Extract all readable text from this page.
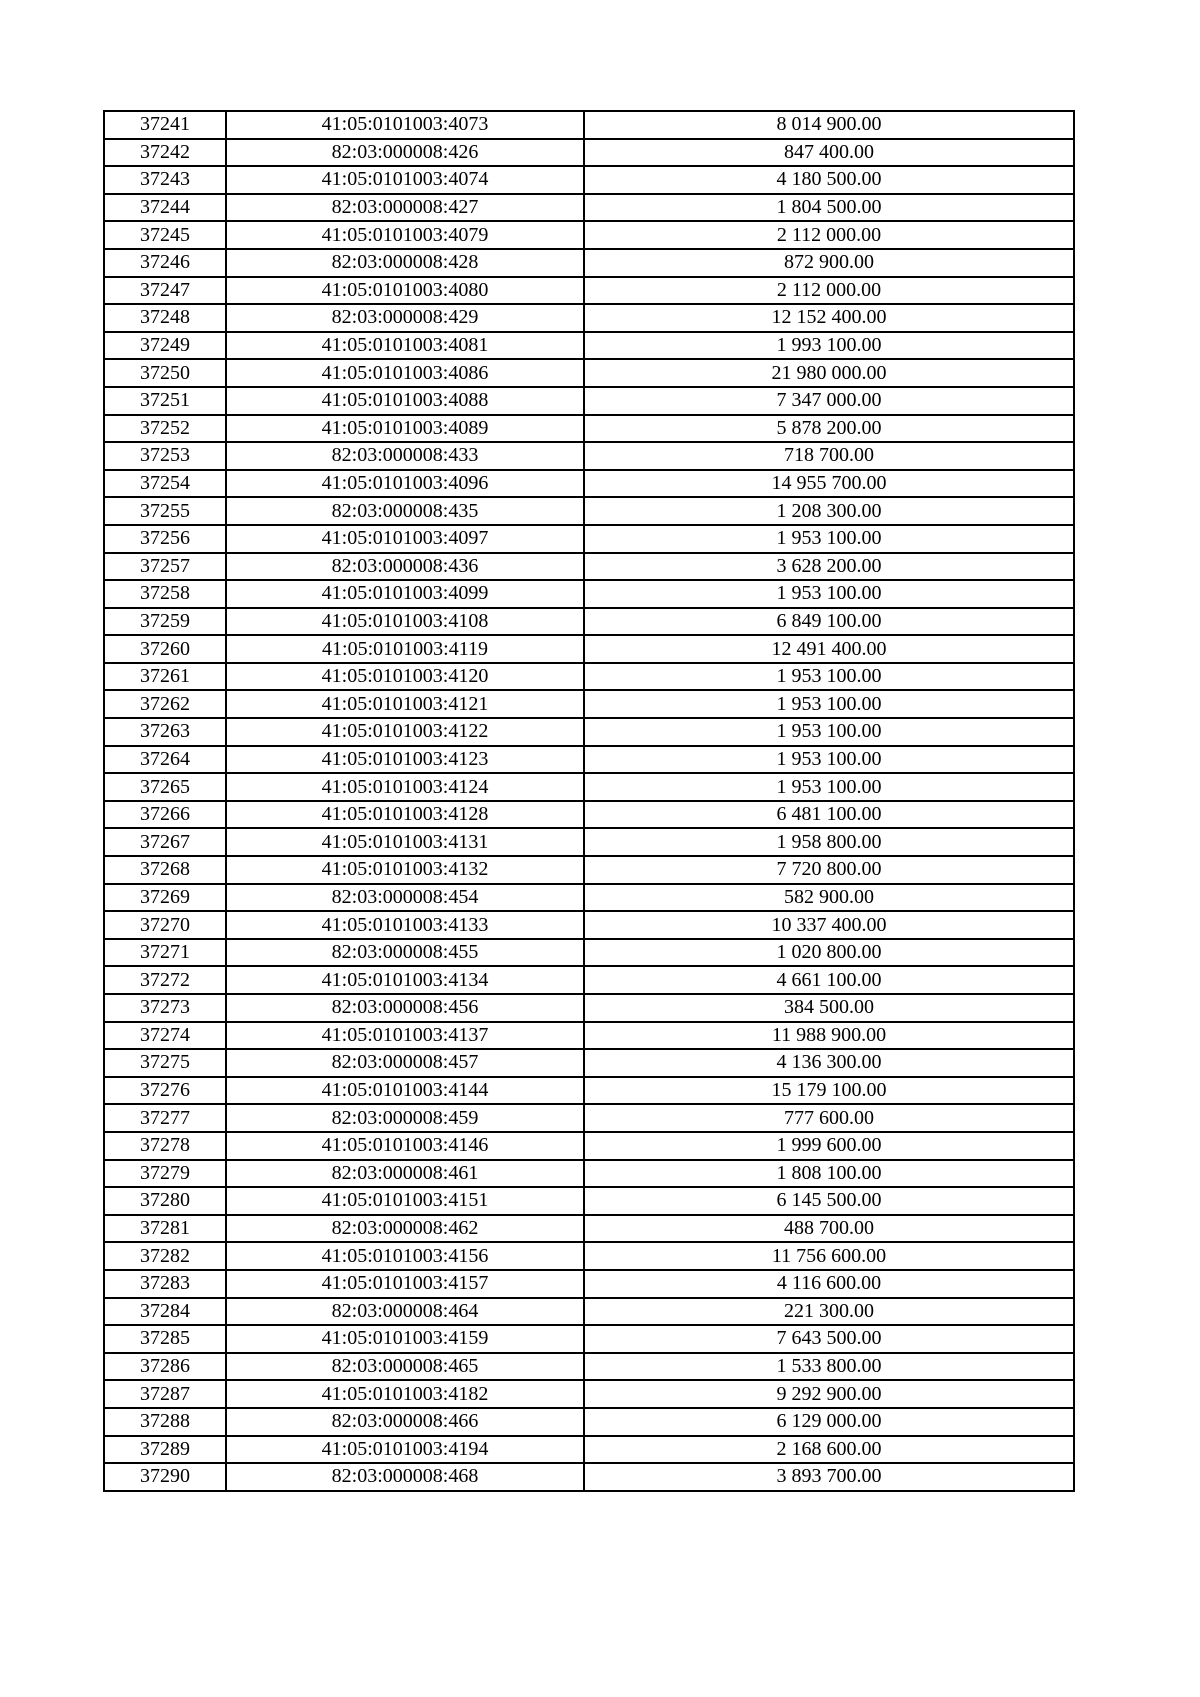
37241	41:05:0101003:4073	8 014 900.00
37242	82:03:000008:426	847 400.00
37243	41:05:0101003:4074	4 180 500.00
37244	82:03:000008:427	1 804 500.00
37245	41:05:0101003:4079	2 112 000.00
37246	82:03:000008:428	872 900.00
37247	41:05:0101003:4080	2 112 000.00
37248	82:03:000008:429	12 152 400.00
37249	41:05:0101003:4081	1 993 100.00
37250	41:05:0101003:4086	21 980 000.00
37251	41:05:0101003:4088	7 347 000.00
37252	41:05:0101003:4089	5 878 200.00
37253	82:03:000008:433	718 700.00
37254	41:05:0101003:4096	14 955 700.00
37255	82:03:000008:435	1 208 300.00
37256	41:05:0101003:4097	1 953 100.00
37257	82:03:000008:436	3 628 200.00
37258	41:05:0101003:4099	1 953 100.00
37259	41:05:0101003:4108	6 849 100.00
37260	41:05:0101003:4119	12 491 400.00
37261	41:05:0101003:4120	1 953 100.00
37262	41:05:0101003:4121	1 953 100.00
37263	41:05:0101003:4122	1 953 100.00
37264	41:05:0101003:4123	1 953 100.00
37265	41:05:0101003:4124	1 953 100.00
37266	41:05:0101003:4128	6 481 100.00
37267	41:05:0101003:4131	1 958 800.00
37268	41:05:0101003:4132	7 720 800.00
37269	82:03:000008:454	582 900.00
37270	41:05:0101003:4133	10 337 400.00
37271	82:03:000008:455	1 020 800.00
37272	41:05:0101003:4134	4 661 100.00
37273	82:03:000008:456	384 500.00
37274	41:05:0101003:4137	11 988 900.00
37275	82:03:000008:457	4 136 300.00
37276	41:05:0101003:4144	15 179 100.00
37277	82:03:000008:459	777 600.00
37278	41:05:0101003:4146	1 999 600.00
37279	82:03:000008:461	1 808 100.00
37280	41:05:0101003:4151	6 145 500.00
37281	82:03:000008:462	488 700.00
37282	41:05:0101003:4156	11 756 600.00
37283	41:05:0101003:4157	4 116 600.00
37284	82:03:000008:464	221 300.00
37285	41:05:0101003:4159	7 643 500.00
37286	82:03:000008:465	1 533 800.00
37287	41:05:0101003:4182	9 292 900.00
37288	82:03:000008:466	6 129 000.00
37289	41:05:0101003:4194	2 168 600.00
37290	82:03:000008:468	3 893 700.00
